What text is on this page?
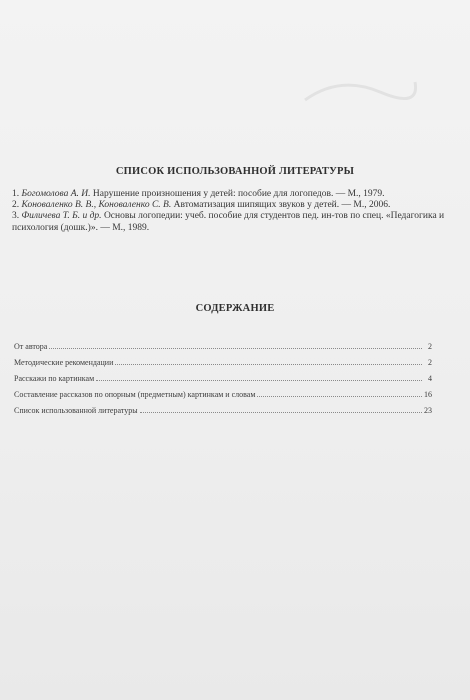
СПИСОК ИСПОЛЬЗОВАННОЙ ЛИТЕРАТУРЫ

1. Богомолова А. И. Нарушение произношения у детей: пособие для логопедов. — М., 1979.

2. Коноваленко В. В., Коноваленко С. В. Автоматизация шипящих звуков у детей. — М., 2006.

3. Филичева Т. Б. и др. Основы логопедии: учеб. пособие для студентов пед. ин-тов по спец. «Педагогика и психология (дошк.)». — М., 1989.

СОДЕРЖАНИЕ
От автора	2
Методические рекомендации	2
Расскажи по картинкам	4
Составление рассказов по опорным (предметным) картинкам и словам	16
Список использованной литературы	23
